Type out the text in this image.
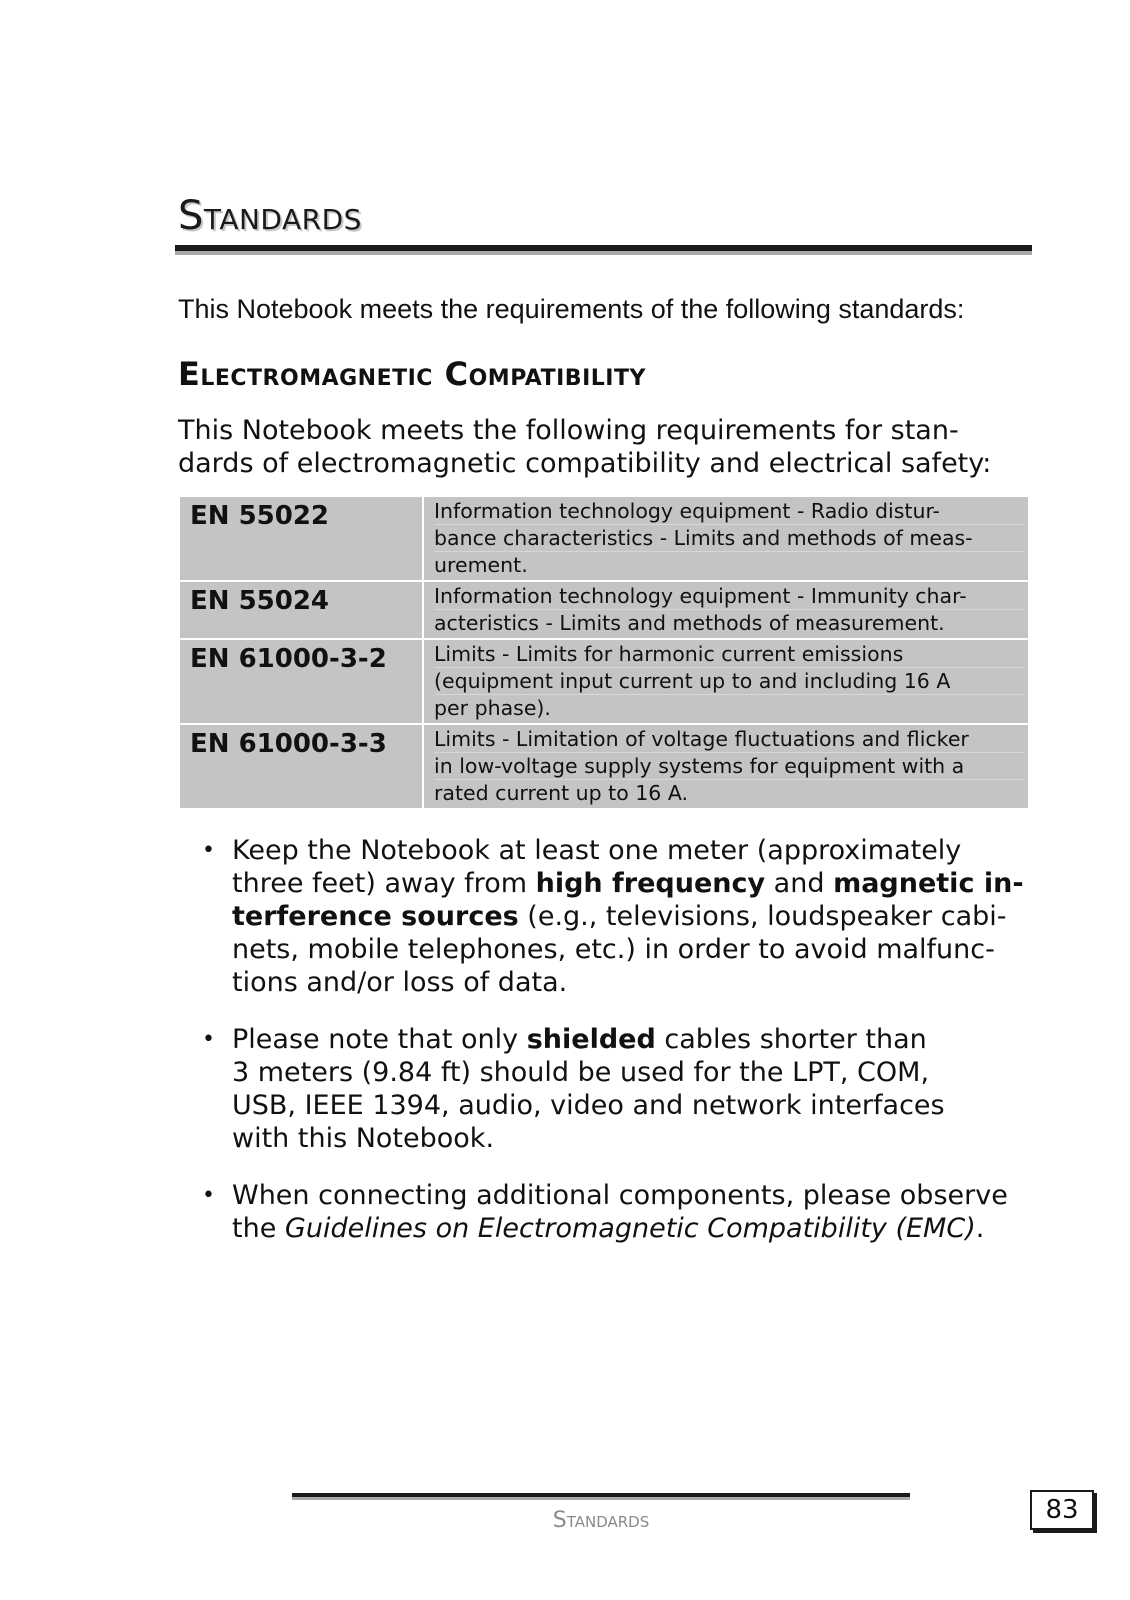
Standards

This Notebook meets the requirements of the following standards:

Electromagnetic Compatibility

This Notebook meets the following requirements for stan-
dards of electromagnetic compatibility and electrical safety:

EN 55022	Information technology equipment - Radio distur-
bance characteristics - Limits and methods of meas-
urement.

EN 55024	Information technology equipment - Immunity char-
acteristics - Limits and methods of measurement.

EN 61000-3-2	Limits - Limits for harmonic current emissions
(equipment input current up to and including 16 A
per phase).

EN 61000-3-3	Limits - Limitation of voltage fluctuations and flicker
in low-voltage supply systems for equipment with a
rated current up to 16 A.
• Keep the Notebook at least one meter (approximately
three feet) away from high frequency and magnetic in-
terference sources (e.g., televisions, loudspeaker cabi-
nets, mobile telephones, etc.) in order to avoid malfunc-
tions and/or loss of data.
• Please note that only shielded cables shorter than
3 meters (9.84 ft) should be used for the LPT, COM,
USB, IEEE 1394, audio, video and network interfaces
with this Notebook.
• When connecting additional components, please observe
the Guidelines on Electromagnetic Compatibility (EMC).
Standards	83
